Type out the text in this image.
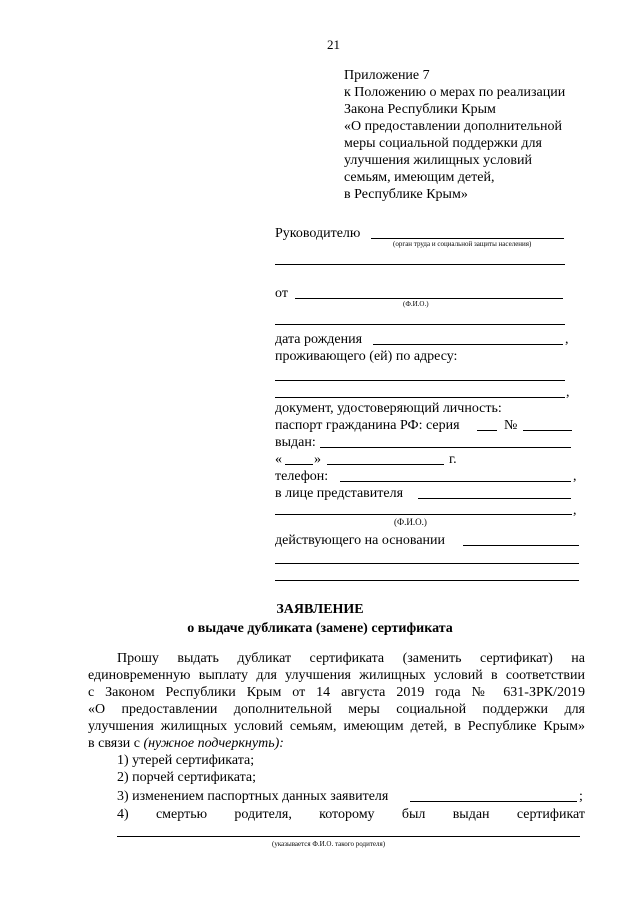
21
Приложение 7
к Положению о мерах по реализации
Закона Республики Крым
«О предоставлении дополнительной
меры социальной поддержки для
улучшения жилищных условий
семьям, имеющим детей,
в Республике Крым»
Руководителю
(орган труда и социальной защиты населения)
от
(Ф.И.О.)
дата рождения	,
проживающего (ей) по адресу:
,
документ, удостоверяющий личность:
паспорт гражданина РФ: серия	№
выдан:
« »	г.
телефон:	,
в лице представителя
,
(Ф.И.О.)
действующего на основании
ЗАЯВЛЕНИЕ
о выдаче дубликата (замене) сертификата
Прошу выдать дубликат сертификата (заменить сертификат) на
единовременную выплату для улучшения жилищных условий в соответствии
с Законом Республики Крым от 14 августа 2019 года № 631-ЗРК/2019
«О предоставлении дополнительной меры социальной поддержки для
улучшения жилищных условий семьям, имеющим детей, в Республике Крым»
в связи с (нужное подчеркнуть):
1) утерей сертификата;
2) порчей сертификата;
3) изменением паспортных данных заявителя	;
4) смертью родителя, которому был выдан сертификат
(указывается Ф.И.О. такого родителя)
